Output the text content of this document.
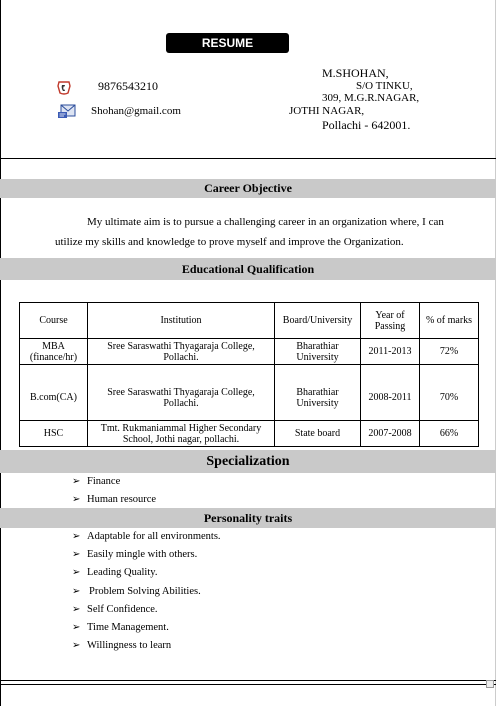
RESUME
9876543210
Shohan@gmail.com
M.SHOHAN,
S/O TINKU,
309, M.G.R.NAGAR,
JOTHI NAGAR,
Pollachi - 642001.
Career Objective
My ultimate aim is to pursue a challenging career in an organization where, I can
utilize my skills and knowledge to prove myself and improve the Organization.
Educational Qualification
Course	Institution	Board/University	Year of Passing	% of marks
MBA (finance/hr)	Sree Saraswathi Thyagaraja College, Pollachi.	Bharathiar University	2011-2013	72%
B.com(CA)	Sree Saraswathi Thyagaraja College, Pollachi.	Bharathiar University	2008-2011	70%
HSC	Tmt. Rukmaniammal Higher Secondary School, Jothi nagar, pollachi.	State board	2007-2008	66%
Specialization
➢ Finance
➢ Human resource
Personality traits
➢ Adaptable for all environments.
➢ Easily mingle with others.
➢ Leading Quality.
➢ Problem Solving Abilities.
➢ Self Confidence.
➢ Time Management.
➢ Willingness to learn
